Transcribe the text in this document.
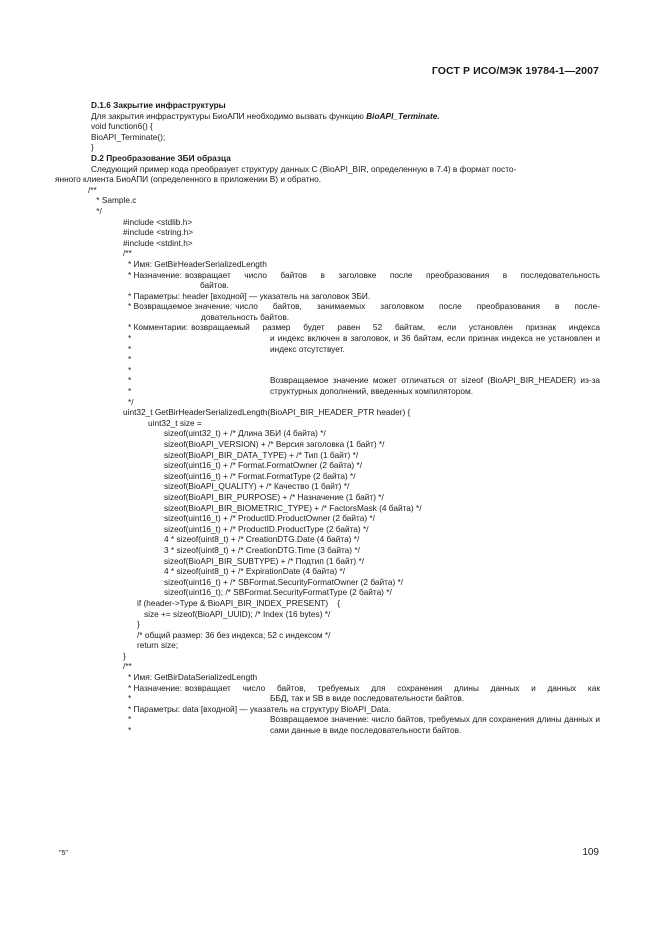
ГОСТ Р ИСО/МЭК 19784-1—2007
D.1.6 Закрытие инфраструктуры
Для закрытия инфраструктуры БиоАПИ необходимо вызвать функцию BioAPI_Terminate.
void function6() {
BioAPI_Terminate();
}
D.2 Преобразование ЗБИ образца
Следующий пример кода преобразует структуру данных С (BioAPI_BIR, определенную в 7.4) в формат посто-
янного клиента БиоАПИ (определенного в приложении В) и обратно.
/**
* Sample.c
*/
#include <stdlib.h>
#include <string.h>
#include <stdint.h>
/**
* Имя: GetBirHeaderSerializedLength
* Назначение: возвращает число байтов в заголовке после преобразования в последовательность
байтов.
* Параметры: header [входной] — указатель на заголовок ЗБИ.
* Возвращаемое значение: число байтов, занимаемых заголовком после преобразования в после-
довательность байтов.
* Комментарии: возвращаемый размер будет равен 52 байтам, если установлен признак индекса
*	и индекс включен в заголовок, и 36 байтам, если признак индекса не установлен и
*	индекс отсутствует.
*
*
*	Возвращаемое значение может отличаться от sizeof (BioAPI_BIR_HEADER) из-за
*	структурных дополнений, введенных компилятором.
*/
uint32_t GetBirHeaderSerializedLength(BioAPI_BIR_HEADER_PTR header) {
uint32_t size =
sizeof(uint32_t) + /* Длина ЗБИ (4 байта) */
sizeof(BioAPI_VERSION) + /* Версия заголовка (1 байт) */
sizeof(BioAPI_BIR_DATA_TYPE) + /* Тип (1 байт) */
sizeof(uint16_t) + /* Format.FormatOwner (2 байта) */
sizeof(uint16_t) + /* Format.FormatType (2 байта) */
sizeof(BioAPI_QUALITY) + /* Качество (1 байт) */
sizeof(BioAPI_BIR_PURPOSE) + /* Назначение (1 байт) */
sizeof(BioAPI_BIR_BIOMETRIC_TYPE) + /* FactorsMask (4 байта) */
sizeof(uint16_t) + /* ProductID.ProductOwner (2 байта) */
sizeof(uint16_t) + /* ProductID.ProductType (2 байта) */
4 * sizeof(uint8_t) + /* CreationDTG.Date (4 байта) */
3 * sizeof(uint8_t) + /* CreationDTG.Time (3 байта) */
sizeof(BioAPI_BIR_SUBTYPE) + /* Подтип (1 байт) */
4 * sizeof(uint8_t) + /* ExpirationDate (4 байта) */
sizeof(uint16_t) + /* SBFormat.SecurityFormatOwner (2 байта) */
sizeof(uint16_t); /* SBFormat.SecurityFormatType (2 байта) */
if (header->Type & BioAPI_BIR_INDEX_PRESENT)    {
size += sizeof(BioAPI_UUID); /* Index (16 bytes) */
}
/* общий размер: 36 без индекса; 52 с индексом */
return size;
}
/**
* Имя: GetBirDataSerializedLength
* Назначение: возвращает число байтов, требуемых для сохранения длины данных и данных как
*	ББД, так и SB в виде последовательности байтов.
* Параметры: data [входной] — указатель на структуру BioAPI_Data.
*	Возвращаемое значение: число байтов, требуемых для сохранения длины данных и
*	сами данные в виде последовательности байтов.
"5"	109
